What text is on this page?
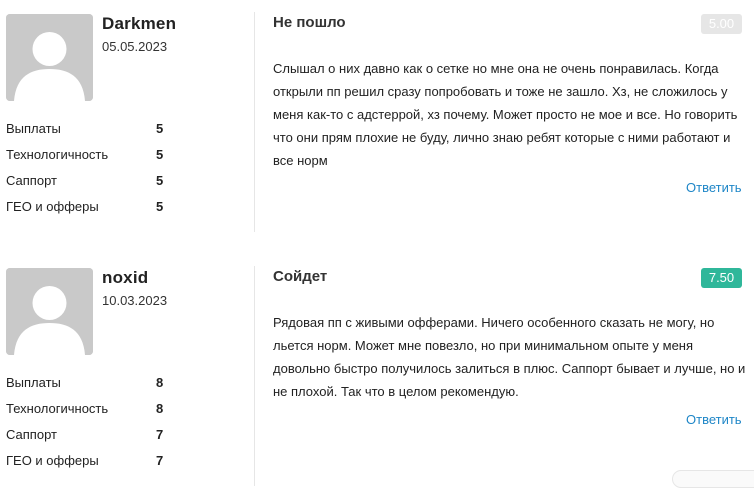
Darkmen
05.05.2023
Выплаты	5
Технологичность	5
Саппорт	5
ГЕО и офферы	5
Не пошло	5.00
Слышал о них давно как о сетке но мне она не очень понравилась. Когда открыли пп решил сразу попробовать и тоже не зашло. Хз, не сложилось у меня как-то с адстеррой, хз почему. Может просто не мое и все. Но говорить что они прям плохие не буду, лично знаю ребят которые с ними работают и все норм
Ответить
noxid
10.03.2023
Выплаты	8
Технологичность	8
Саппорт	7
ГЕО и офферы	7
Сойдет	7.50
Рядовая пп с живыми офферами. Ничего особенного сказать не могу, но льется норм. Может мне повезло, но при минимальном опыте у меня довольно быстро получилось залиться в плюс. Саппорт бывает и лучше, но и не плохой. Так что в целом рекомендую.
Ответить
